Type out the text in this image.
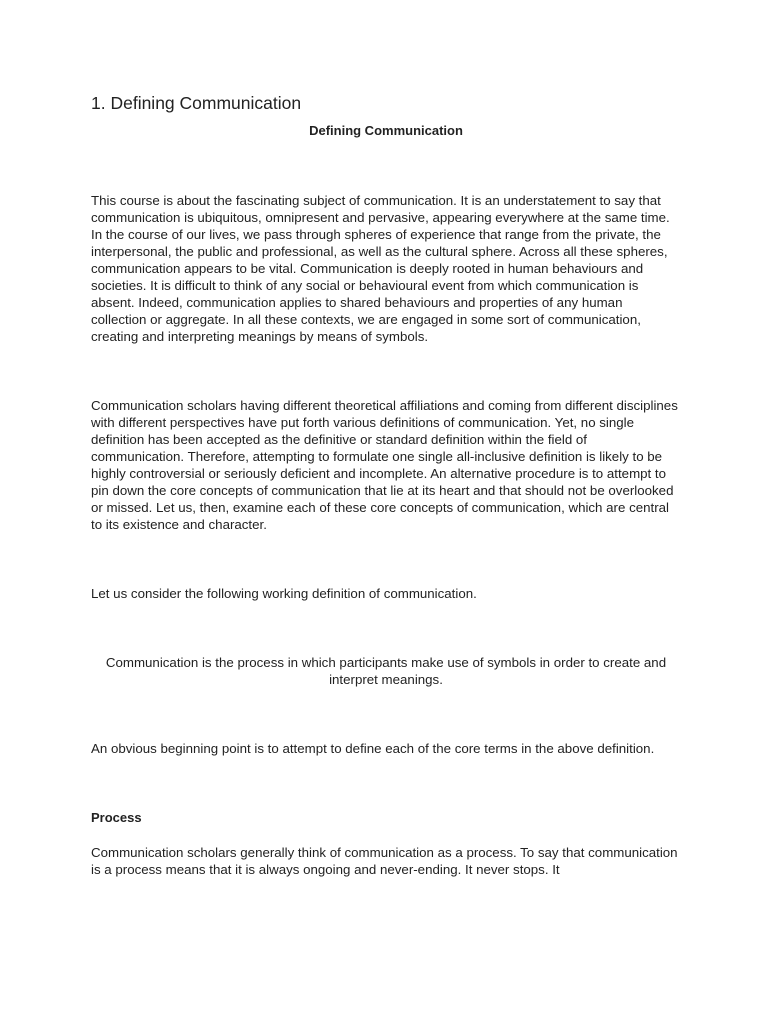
1. Defining Communication
Defining Communication

This course is about the fascinating subject of communication. It is an understatement to say that communication is ubiquitous, omnipresent and pervasive, appearing everywhere at the same time. In the course of our lives, we pass through spheres of experience that range from the private, the interpersonal, the public and professional, as well as the cultural sphere. Across all these spheres, communication appears to be vital. Communication is deeply rooted in human behaviours and societies. It is difficult to think of any social or behavioural event from which communication is absent. Indeed, communication applies to shared behaviours and properties of any human collection or aggregate. In all these contexts, we are engaged in some sort of communication, creating and interpreting meanings by means of symbols.

Communication scholars having different theoretical affiliations and coming from different disciplines with different perspectives have put forth various definitions of communication. Yet, no single definition has been accepted as the definitive or standard definition within the field of communication. Therefore, attempting to formulate one single all-inclusive definition is likely to be highly controversial or seriously deficient and incomplete. An alternative procedure is to attempt to pin down the core concepts of communication that lie at its heart and that should not be overlooked or missed. Let us, then, examine each of these core concepts of communication, which are central to its existence and character.

Let us consider the following working definition of communication.

Communication is the process in which participants make use of symbols in order to create and interpret meanings.

An obvious beginning point is to attempt to define each of the core terms in the above definition.

Process

Communication scholars generally think of communication as a process. To say that communication is a process means that it is always ongoing and never-ending. It never stops. It
